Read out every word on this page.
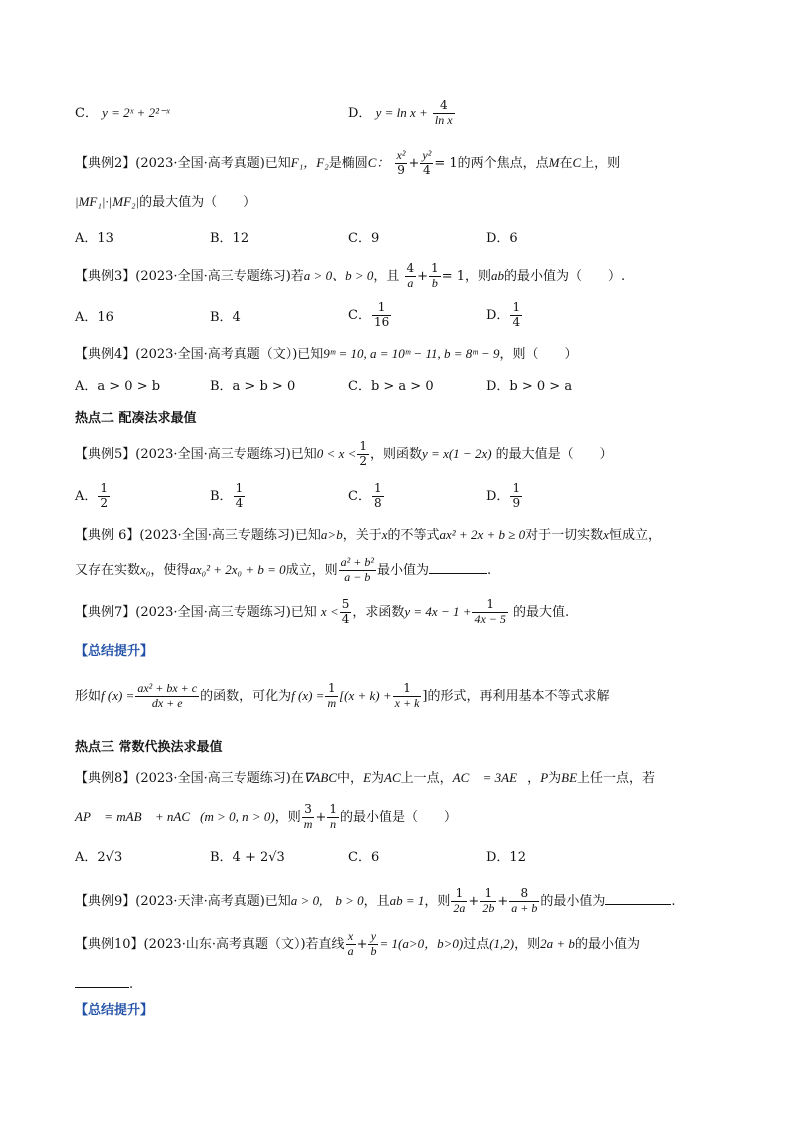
C． y = 2ˣ + 2²⁻ˣ	D． $y = \ln x + \frac{4}{\text{ln x}}$
【典例2】(2023·全国·高考真题)已知F₁，F₂是椭圆C： $\frac{\text{x²}}{9} + \frac{\text{y²}}{4} = 1$的两个焦点，点M在C上，则
|MF₁|·|MF₂|的最大值为（　　）
A．13	B．12	C．9	D．6
【典例3】(2023·全国·高三专题练习)若a > 0、b > 0，且 $\frac{4}{a} + \frac{1}{b} = 1$，则ab的最小值为（　　）.
A．16	B．4	C． $\frac{1}{16}$	D． $\frac{1}{4}$
【典例4】(2023·全国·高考真题（文）)已知9ᵐ = 10, a = 10ᵐ − 11, b = 8ᵐ − 9，则（　　）
A．a > 0 > b	B．a > b > 0	C．b > a > 0	D．b > 0 > a
热点二 配凑法求最值
【典例5】(2023·全国·高三专题练习)已知$0 < x < \frac{1}{2}$ ，则函数y = x(1 − 2x) 的最大值是（　　）
A． $\frac{1}{2}$	B． $\frac{1}{4}$	C． $\frac{1}{8}$	D． $\frac{1}{9}$
【典例 6】(2023·全国·高三专题练习)已知a>b，关于x的不等式ax² + 2x + b ≥ 0对于一切实数x恒成立，
又存在实数x₀，使得ax₀² + 2x₀ + b = 0成立，则 $\frac{\text{a² + b²}}{a - b}$ 最小值为	.
【典例7】(2023·全国·高三专题练习)已知 $x < \frac{5}{4}$ ，求函数$y = 4x - 1 + \frac{1}{4x - 5}$ 的最大值.
【总结提升】
形如f $(x) = \frac{\text{ax² + bx + c}}{dx + e}$ 的函数，可化为f $(x) = \frac{1}{m} [(x + k) + \frac{1}{x + k}$ ]的形式，再利用基本不等式求解
热点三 常数代换法求最值
【典例8】(2023·全国·高三专题练习)在∇ABC中，E为AC上一点，AC⃗ = 3AE⃗，P为BE上任一点，若
AP⃗ = mAB⃗ + nAC⃗(m > 0, n > 0)，则 $\frac{3}{m} + \frac{1}{n}$ 的最小值是（　　）
A．2√3	B．4 + 2√3	C．6	D．12
【典例9】(2023·天津·高考真题)已知a > 0,　b > 0，且ab = 1，则 $\frac{1}{2a} + \frac{1}{2b} + \frac{8}{a + b}$ 的最小值为	.
【典例10】(2023·山东·高考真题（文）)若直线 $\frac{x}{a} + \frac{y}{b} = 1(a>0$，b>0)过点(1,2)，则2a + b的最小值为
.
【总结提升】
